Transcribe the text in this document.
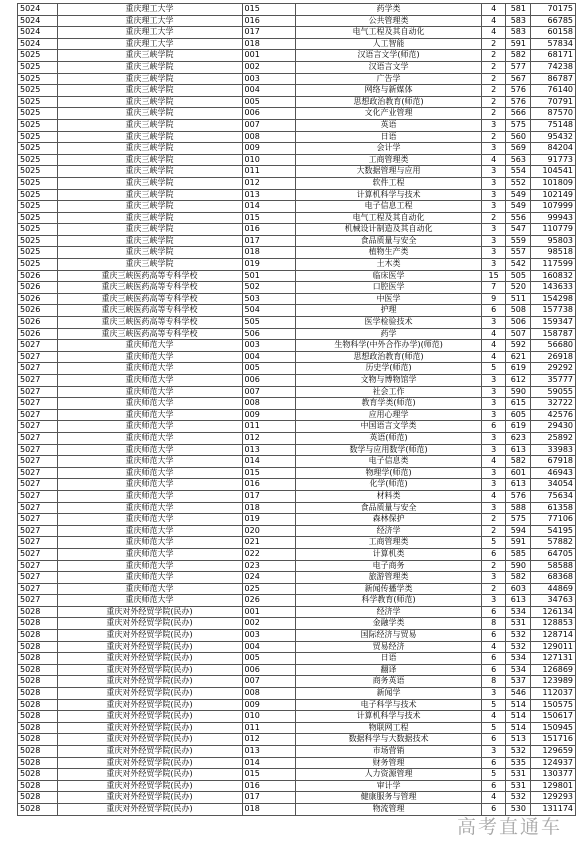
5024	重庆理工大学	015	药学类	4	581	70175
5024	重庆理工大学	016	公共管理类	4	583	66785
5024	重庆理工大学	017	电气工程及其自动化	4	583	60158
5024	重庆理工大学	018	人工智能	2	591	57834
5025	重庆三峡学院	001	汉语言文学(师范)	2	582	68171
5025	重庆三峡学院	002	汉语言文学	2	577	74238
5025	重庆三峡学院	003	广告学	2	567	86787
5025	重庆三峡学院	004	网络与新媒体	2	576	76140
5025	重庆三峡学院	005	思想政治教育(师范)	2	576	70791
5025	重庆三峡学院	006	文化产业管理	2	566	87570
5025	重庆三峡学院	007	英语	3	575	75148
5025	重庆三峡学院	008	日语	2	560	95432
5025	重庆三峡学院	009	会计学	3	569	84204
5025	重庆三峡学院	010	工商管理类	4	563	91773
5025	重庆三峡学院	011	大数据管理与应用	3	554	104541
5025	重庆三峡学院	012	软件工程	3	552	101809
5025	重庆三峡学院	013	计算机科学与技术	3	549	102149
5025	重庆三峡学院	014	电子信息工程	3	549	107999
5025	重庆三峡学院	015	电气工程及其自动化	2	556	99943
5025	重庆三峡学院	016	机械设计制造及其自动化	3	547	110779
5025	重庆三峡学院	017	食品质量与安全	3	559	95803
5025	重庆三峡学院	018	植物生产类	3	557	98518
5025	重庆三峡学院	019	土木类	3	542	117599
5026	重庆三峡医药高等专科学校	501	临床医学	15	505	160832
5026	重庆三峡医药高等专科学校	502	口腔医学	7	520	143633
5026	重庆三峡医药高等专科学校	503	中医学	9	511	154298
5026	重庆三峡医药高等专科学校	504	护理	6	508	157738
5026	重庆三峡医药高等专科学校	505	医学检验技术	3	506	159347
5026	重庆三峡医药高等专科学校	506	药学	4	507	158787
5027	重庆师范大学	003	生物科学(中外合作办学)(师范)	4	592	56680
5027	重庆师范大学	004	思想政治教育(师范)	4	621	26918
5027	重庆师范大学	005	历史学(师范)	5	619	29292
5027	重庆师范大学	006	文物与博物馆学	3	612	35777
5027	重庆师范大学	007	社会工作	3	590	59055
5027	重庆师范大学	008	教育学类(师范)	3	615	32722
5027	重庆师范大学	009	应用心理学	3	605	42576
5027	重庆师范大学	011	中国语言文学类	6	619	29430
5027	重庆师范大学	012	英语(师范)	3	623	25892
5027	重庆师范大学	013	数学与应用数学(师范)	3	613	33983
5027	重庆师范大学	014	电子信息类	4	582	67918
5027	重庆师范大学	015	物理学(师范)	3	601	46943
5027	重庆师范大学	016	化学(师范)	3	613	34054
5027	重庆师范大学	017	材料类	4	576	75634
5027	重庆师范大学	018	食品质量与安全	3	588	61358
5027	重庆师范大学	019	森林保护	2	575	77106
5027	重庆师范大学	020	经济学	2	594	54195
5027	重庆师范大学	021	工商管理类	5	591	57882
5027	重庆师范大学	022	计算机类	6	585	64705
5027	重庆师范大学	023	电子商务	2	590	58588
5027	重庆师范大学	024	旅游管理类	3	582	68368
5027	重庆师范大学	025	新闻传播学类	2	603	44869
5027	重庆师范大学	026	科学教育(师范)	3	613	34763
5028	重庆对外经贸学院(民办)	001	经济学	6	534	126134
5028	重庆对外经贸学院(民办)	002	金融学类	8	531	128853
5028	重庆对外经贸学院(民办)	003	国际经济与贸易	6	532	128714
5028	重庆对外经贸学院(民办)	004	贸易经济	4	532	129011
5028	重庆对外经贸学院(民办)	005	日语	6	534	127131
5028	重庆对外经贸学院(民办)	006	翻译	6	534	126869
5028	重庆对外经贸学院(民办)	007	商务英语	8	537	123989
5028	重庆对外经贸学院(民办)	008	新闻学	3	546	112037
5028	重庆对外经贸学院(民办)	009	电子科学与技术	5	514	150575
5028	重庆对外经贸学院(民办)	010	计算机科学与技术	4	514	150617
5028	重庆对外经贸学院(民办)	011	物联网工程	5	514	150945
5028	重庆对外经贸学院(民办)	012	数据科学与大数据技术	6	513	151716
5028	重庆对外经贸学院(民办)	013	市场营销	3	532	129659
5028	重庆对外经贸学院(民办)	014	财务管理	6	535	124937
5028	重庆对外经贸学院(民办)	015	人力资源管理	5	531	130377
5028	重庆对外经贸学院(民办)	016	审计学	6	531	129801
5028	重庆对外经贸学院(民办)	017	健康服务与管理	4	532	129293
5028	重庆对外经贸学院(民办)	018	物流管理	6	530	131174
高考直通车
